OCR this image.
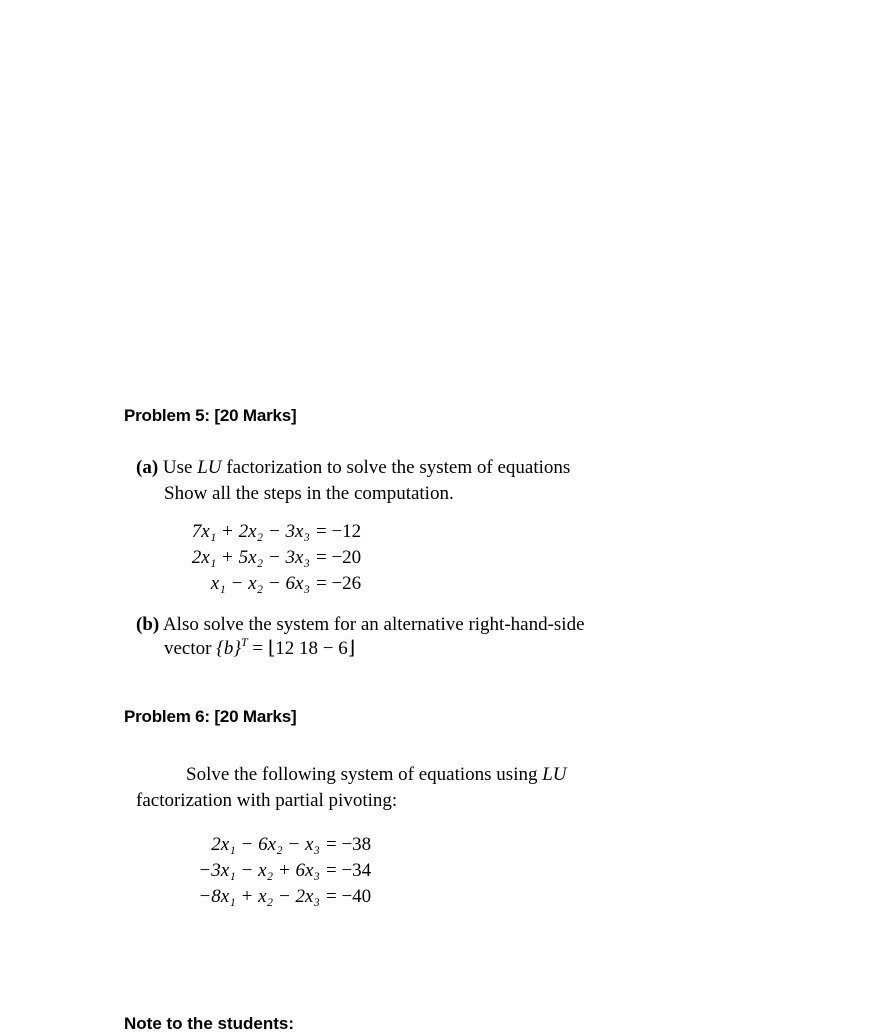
Problem 5: [20 Marks]
(a) Use LU factorization to solve the system of equations
Show all the steps in the computation.
7x₁ + 2x₂ − 3x₃ = −12
2x₁ + 5x₂ − 3x₃ = −20
x₁ − x₂ − 6x₃ = −26
(b) Also solve the system for an alternative right-hand-side
vector $\{b\}^T$ = ⌊12 18 − 6⌋
Problem 6: [20 Marks]
Solve the following system of equations using LU
factorization with partial pivoting:
2x₁ − 6x₂ − x₃ = −38
−3x₁ − x₂ + 6x₃ = −34
−8x₁ + x₂ − 2x₃ = −40
Note to the students:
